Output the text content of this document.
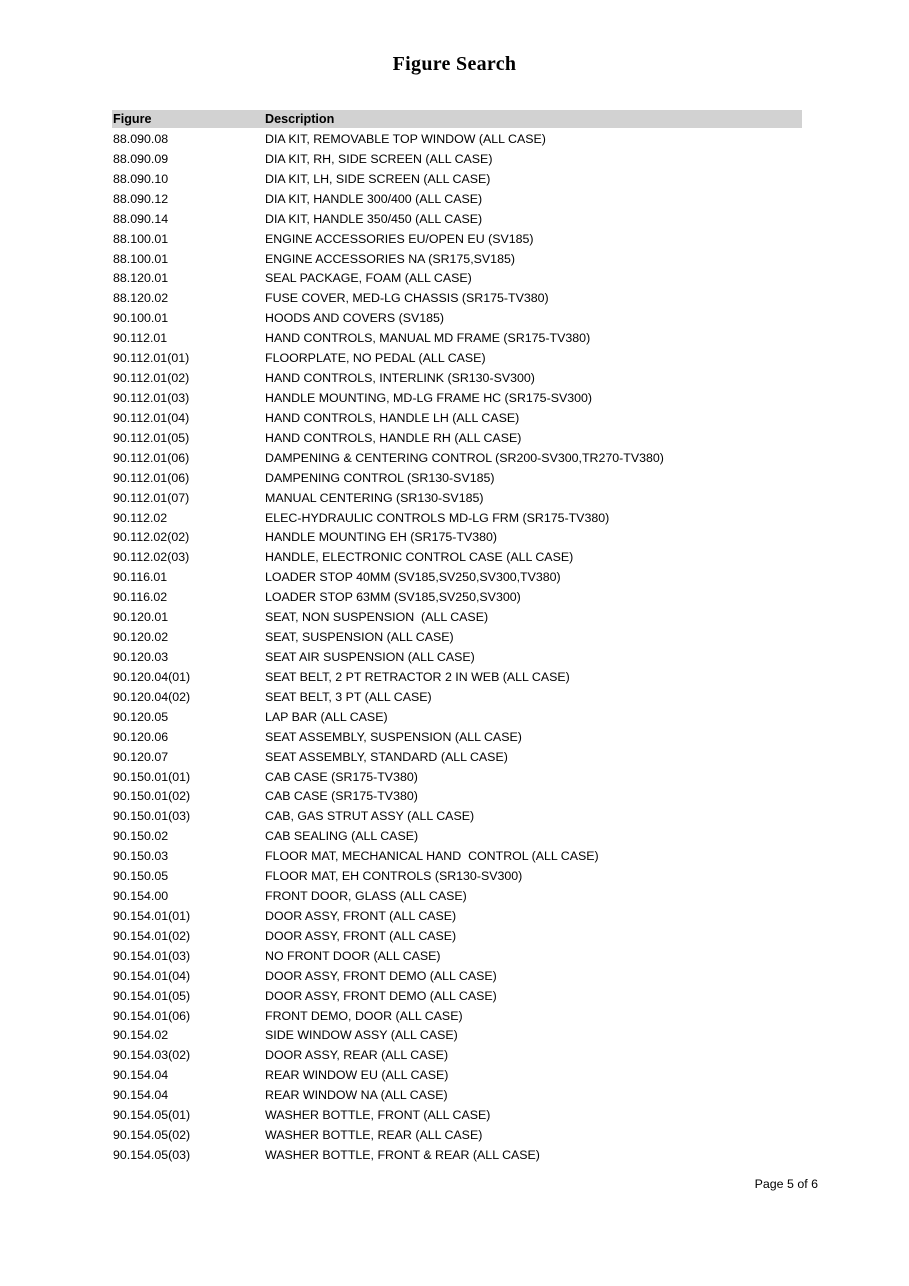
Figure Search
Figure	Description
88.090.08	DIA KIT, REMOVABLE TOP WINDOW (ALL CASE)
88.090.09	DIA KIT, RH, SIDE SCREEN (ALL CASE)
88.090.10	DIA KIT, LH, SIDE SCREEN (ALL CASE)
88.090.12	DIA KIT, HANDLE 300/400 (ALL CASE)
88.090.14	DIA KIT, HANDLE 350/450 (ALL CASE)
88.100.01	ENGINE ACCESSORIES EU/OPEN EU (SV185)
88.100.01	ENGINE ACCESSORIES NA (SR175,SV185)
88.120.01	SEAL PACKAGE, FOAM (ALL CASE)
88.120.02	FUSE COVER, MED-LG CHASSIS (SR175-TV380)
90.100.01	HOODS AND COVERS (SV185)
90.112.01	HAND CONTROLS, MANUAL MD FRAME (SR175-TV380)
90.112.01(01)	FLOORPLATE, NO PEDAL (ALL CASE)
90.112.01(02)	HAND CONTROLS, INTERLINK (SR130-SV300)
90.112.01(03)	HANDLE MOUNTING, MD-LG FRAME HC (SR175-SV300)
90.112.01(04)	HAND CONTROLS, HANDLE LH (ALL CASE)
90.112.01(05)	HAND CONTROLS, HANDLE RH (ALL CASE)
90.112.01(06)	DAMPENING & CENTERING CONTROL (SR200-SV300,TR270-TV380)
90.112.01(06)	DAMPENING CONTROL (SR130-SV185)
90.112.01(07)	MANUAL CENTERING (SR130-SV185)
90.112.02	ELEC-HYDRAULIC CONTROLS MD-LG FRM (SR175-TV380)
90.112.02(02)	HANDLE MOUNTING EH (SR175-TV380)
90.112.02(03)	HANDLE, ELECTRONIC CONTROL CASE (ALL CASE)
90.116.01	LOADER STOP 40MM (SV185,SV250,SV300,TV380)
90.116.02	LOADER STOP 63MM (SV185,SV250,SV300)
90.120.01	SEAT, NON SUSPENSION  (ALL CASE)
90.120.02	SEAT, SUSPENSION (ALL CASE)
90.120.03	SEAT AIR SUSPENSION (ALL CASE)
90.120.04(01)	SEAT BELT, 2 PT RETRACTOR 2 IN WEB (ALL CASE)
90.120.04(02)	SEAT BELT, 3 PT (ALL CASE)
90.120.05	LAP BAR (ALL CASE)
90.120.06	SEAT ASSEMBLY, SUSPENSION (ALL CASE)
90.120.07	SEAT ASSEMBLY, STANDARD (ALL CASE)
90.150.01(01)	CAB CASE (SR175-TV380)
90.150.01(02)	CAB CASE (SR175-TV380)
90.150.01(03)	CAB, GAS STRUT ASSY (ALL CASE)
90.150.02	CAB SEALING (ALL CASE)
90.150.03	FLOOR MAT, MECHANICAL HAND  CONTROL (ALL CASE)
90.150.05	FLOOR MAT, EH CONTROLS (SR130-SV300)
90.154.00	FRONT DOOR, GLASS (ALL CASE)
90.154.01(01)	DOOR ASSY, FRONT (ALL CASE)
90.154.01(02)	DOOR ASSY, FRONT (ALL CASE)
90.154.01(03)	NO FRONT DOOR (ALL CASE)
90.154.01(04)	DOOR ASSY, FRONT DEMO (ALL CASE)
90.154.01(05)	DOOR ASSY, FRONT DEMO (ALL CASE)
90.154.01(06)	FRONT DEMO, DOOR (ALL CASE)
90.154.02	SIDE WINDOW ASSY (ALL CASE)
90.154.03(02)	DOOR ASSY, REAR (ALL CASE)
90.154.04	REAR WINDOW EU (ALL CASE)
90.154.04	REAR WINDOW NA (ALL CASE)
90.154.05(01)	WASHER BOTTLE, FRONT (ALL CASE)
90.154.05(02)	WASHER BOTTLE, REAR (ALL CASE)
90.154.05(03)	WASHER BOTTLE, FRONT & REAR (ALL CASE)
Page 5 of 6
